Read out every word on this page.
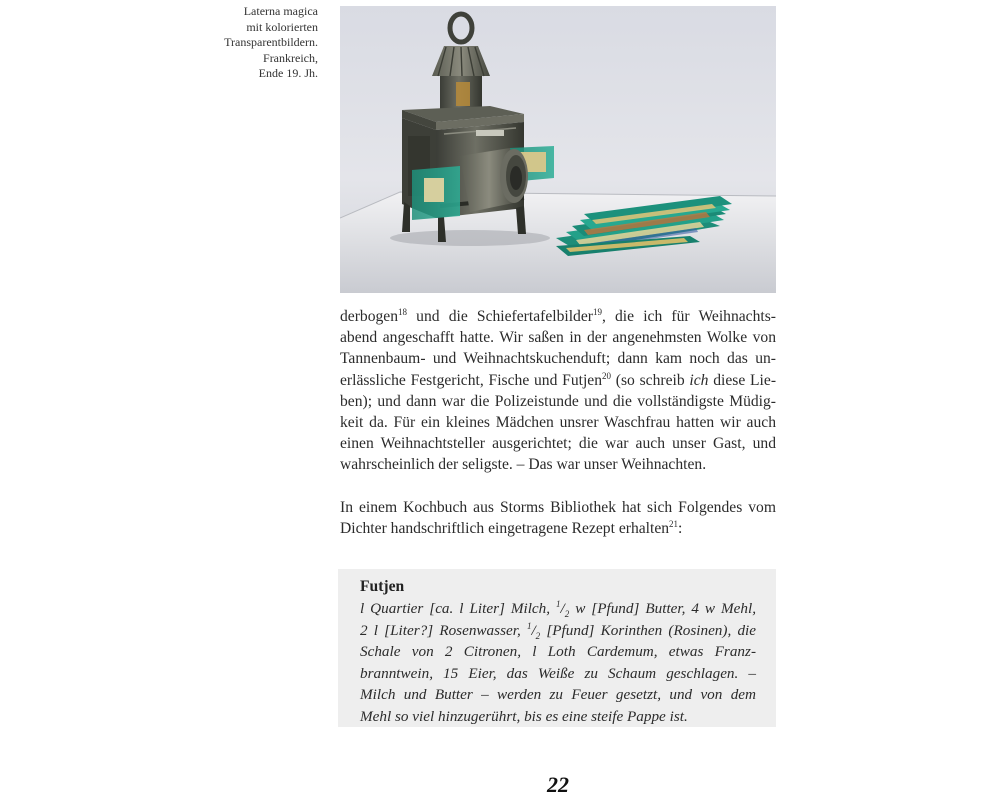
Laterna magica
mit kolorierten
Transparentbildern.
Frankreich,
Ende 19. Jh.

derbogen$^{18}$ und die Schiefertafelbilder$^{19}$, die ich für Weihnachts-
abend angeschafft hatte. Wir saßen in der angenehmsten Wolke von
Tannenbaum- und Weihnachtskuchenduft; dann kam noch das un-
erlässliche Festgericht, Fische und Futjen$^{20}$ (so schreib ich diese Lie-
ben); und dann war die Polizeistunde und die vollständigste Müdig-
keit da. Für ein kleines Mädchen unsrer Waschfrau hatten wir auch
einen Weihnachtsteller ausgerichtet; die war auch unser Gast, und
wahrscheinlich der seligste. – Das war unser Weihnachten.

In einem Kochbuch aus Storms Bibliothek hat sich Folgendes vom
Dichter handschriftlich eingetragene Rezept erhalten$^{21}$:

Futjen
l Quartier [ca. l Liter] Milch, $^1/_2$ w [Pfund] Butter, 4 w Mehl,
2 l [Liter?] Rosenwasser, $^1/_2$ [Pfund] Korinthen (Rosinen), die
Schale von 2 Citronen, l Loth Cardemum, etwas Franz-
branntwein, 15 Eier, das Weiße zu Schaum geschlagen. –
Milch und Butter – werden zu Feuer gesetzt, und von dem
Mehl so viel hinzugerührt, bis es eine steife Pappe ist.
22
